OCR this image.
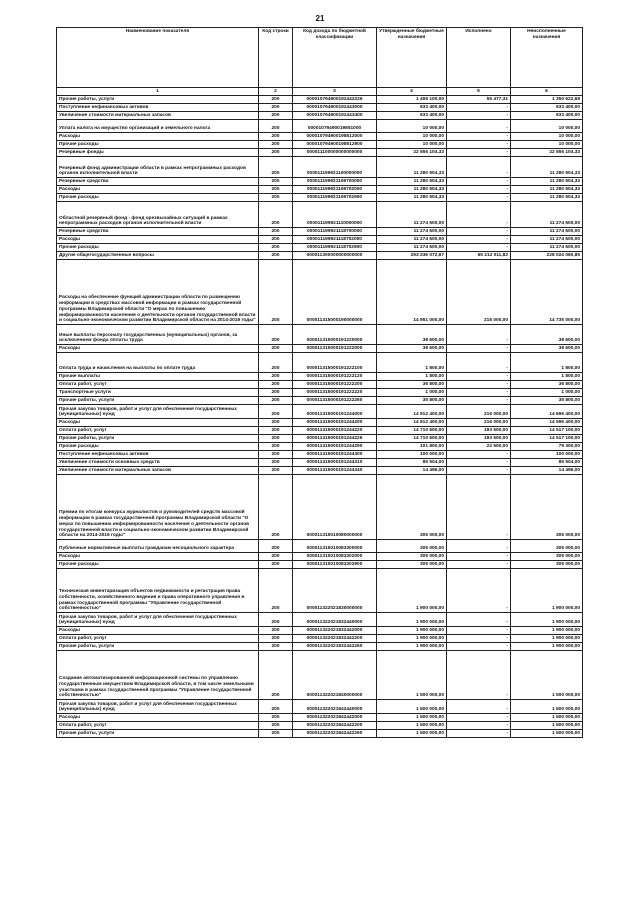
21
Наименование показателя	Код строки	Код дохода по бюджетной классификации	Утвержденные бюджетные назначения	Исполнено	Неисполненные назначения
1	2	3	4	5	6
Прочие работы, услуги	200	000010794900192442226	1 406 100,00	55 477,31	1 350 622,69
Поступление нефинансовых активов	200	000010794900192443000	633 400,00	-	633 400,00
Увеличение стоимости материальных запасов	200	000010794900192443400	633 400,00	-	633 400,00
Уплата налога на имущество организаций и земельного налога	200	00001079490019851000	10 000,00	-	10 000,00
Расходы	200	000010794900198512000	10 000,00	-	10 000,00
Прочие расходы	200	000010794900198512900	10 000,00	-	10 000,00
Резервные фонды	200	000011100000000000000	22 555 104,33	-	22 555 104,33
Резервный фонд администрации области в рамках непрограммных расходов органов исполнительной власти	200	000011199921100000000	11 280 504,33	-	11 280 504,33
Резервные средства	200	000011199921108700000	11 280 504,33	-	11 280 504,33
Расходы	200	000011199921108702000	11 280 504,33	-	11 280 504,33
Прочие расходы	200	000011199921108702900	11 280 504,33	-	11 280 504,33
Областной резервный фонд - фонд чрезвычайных ситуаций в рамках непрограммных расходов органов исполнительной власти	200	000011199921110000000	11 274 600,00	-	11 274 600,00
Резервные средства	200	000011199921118700000	11 274 600,00	-	11 274 600,00
Расходы	200	000011199921118702000	11 274 600,00	-	11 274 600,00
Прочие расходы	200	000011199921118702900	11 274 600,00	-	11 274 600,00
Другие общегосударственные вопросы	200	000011300000000000000	293 236 072,67	65 212 011,82	228 024 060,85
Расходы на обеспечение функций администрации области по размещению информации в средствах массовой информации в рамках государственной программы Владимирской области "О мерах по повышению информированности населения о деятельности органов государственной власти и социально-экономическом развитии Владимирской области на 2014-2016 годы"	200	000011315000190000000	14 951 000,00	216 000,00	14 735 000,00
Иные выплаты персоналу государственных (муниципальных) органов, за исключением фонда оплаты труда	200	000011315000191220000	38 600,00	-	38 600,00
Расходы	200	000011315000191222000	38 600,00	-	38 600,00
Оплата труда и начисления на выплаты по оплате труда	200	000011315000191222100	1 800,00	-	1 800,00
Прочие выплаты	200	000011315000191222120	1 800,00	-	1 800,00
Оплата работ, услуг	200	000011315000191222200	36 800,00	-	36 800,00
Транспортные услуги	200	000011315000191222220	1 000,00	-	1 000,00
Прочие работы, услуги	200	000011315000191222260	35 800,00	-	35 800,00
Прочая закупка товаров, работ и услуг для обеспечения государственных (муниципальных) нужд	200	000011315000191244000	14 912 400,00	216 000,00	14 696 400,00
Расходы	200	000011315000191244200	14 812 400,00	216 000,00	14 596 400,00
Оплата работ, услуг	200	000011315000191244220	14 710 600,00	193 500,00	14 517 100,00
Прочие работы, услуги	200	000011315000191244226	14 710 600,00	193 500,00	14 517 100,00
Прочие расходы	200	000011315000191244290	101 800,00	22 500,00	79 300,00
Поступление нефинансовых активов	200	000011315000191244300	100 000,00	-	100 000,00
Увеличение стоимости основных средств	200	000011315000191244310	85 504,00	-	85 504,00
Увеличение стоимости материальных запасов	200	000011315000191244340	14 496,00	-	14 496,00
Премии по итогам конкурса журналистов и руководителей средств массовой информации в рамках государственной программы Владимирской области "О мерах по повышению информированности населения о деятельности органов государственной власти и социально-экономическом развитии Владимирской области на 2014-2016 годы"	200	000011315010080000000	305 000,00	-	305 000,00
Публичные нормативные выплаты гражданам несоциального характера	200	000011315010083300000	305 000,00	-	305 000,00
Расходы	200	000011315010083302000	305 000,00	-	305 000,00
Прочие расходы	200	000011315010083302900	305 000,00	-	305 000,00
Техническая инвентаризация объектов недвижимости и регистрация права собственности, хозяйственного ведения и права оперативного управления в рамках государственной программы "Управление государственной собственностью"	200	000011322021830000000	1 900 000,00	-	1 900 000,00
Прочая закупка товаров, работ и услуг для обеспечения государственных (муниципальных) нужд	200	000011322021832440000	1 900 000,00	-	1 900 000,00
Расходы	200	000011322021832442000	1 900 000,00	-	1 900 000,00
Оплата работ, услуг	200	000011322021832442200	1 900 000,00	-	1 900 000,00
Прочие работы, услуги	200	000011322021832442260	1 900 000,00	-	1 900 000,00
Создание автоматизированной информационной системы по управлению государственным имуществом Владимирской области, в том числе земельными участками в рамках государственной программы "Управление государственной собственностью"	200	000011322021840000000	1 500 000,00	-	1 500 000,00
Прочая закупка товаров, работ и услуг для обеспечения государственных (муниципальных) нужд	200	000011322021842440000	1 500 000,00	-	1 500 000,00
Расходы	200	000011322021842442000	1 500 000,00	-	1 500 000,00
Оплата работ, услуг	200	000011322021842442200	1 500 000,00	-	1 500 000,00
Прочие работы, услуги	200	000011322021842442260	1 500 000,00	-	1 500 000,00
